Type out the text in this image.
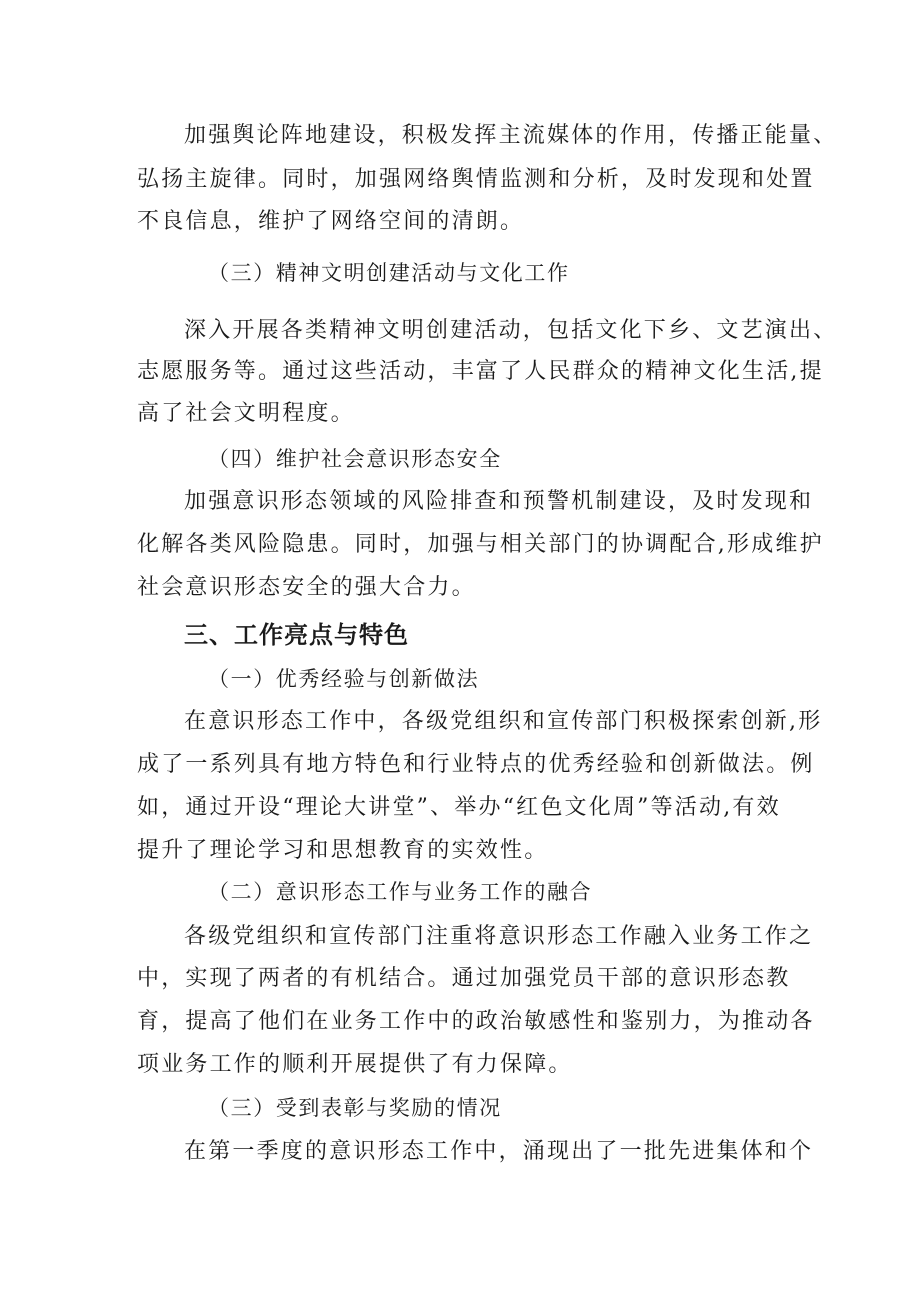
加强舆论阵地建设，积极发挥主流媒体的作用，传播正能量、
弘扬主旋律。同时，加强网络舆情监测和分析，及时发现和处置
不良信息，维护了网络空间的清朗。
（三）精神文明创建活动与文化工作
深入开展各类精神文明创建活动，包括文化下乡、文艺演出、
志愿服务等。通过这些活动，丰富了人民群众的精神文化生活,提
高了社会文明程度。
（四）维护社会意识形态安全
加强意识形态领域的风险排查和预警机制建设，及时发现和
化解各类风险隐患。同时，加强与相关部门的协调配合,形成维护
社会意识形态安全的强大合力。
三、工作亮点与特色
（一）优秀经验与创新做法
在意识形态工作中，各级党组织和宣传部门积极探索创新,形
成了一系列具有地方特色和行业特点的优秀经验和创新做法。例
如，通过开设“理论大讲堂”、举办“红色文化周”等活动,有效
提升了理论学习和思想教育的实效性。
（二）意识形态工作与业务工作的融合
各级党组织和宣传部门注重将意识形态工作融入业务工作之
中，实现了两者的有机结合。通过加强党员干部的意识形态教
育，提高了他们在业务工作中的政治敏感性和鉴别力，为推动各
项业务工作的顺利开展提供了有力保障。
（三）受到表彰与奖励的情况
在第一季度的意识形态工作中，涌现出了一批先进集体和个
